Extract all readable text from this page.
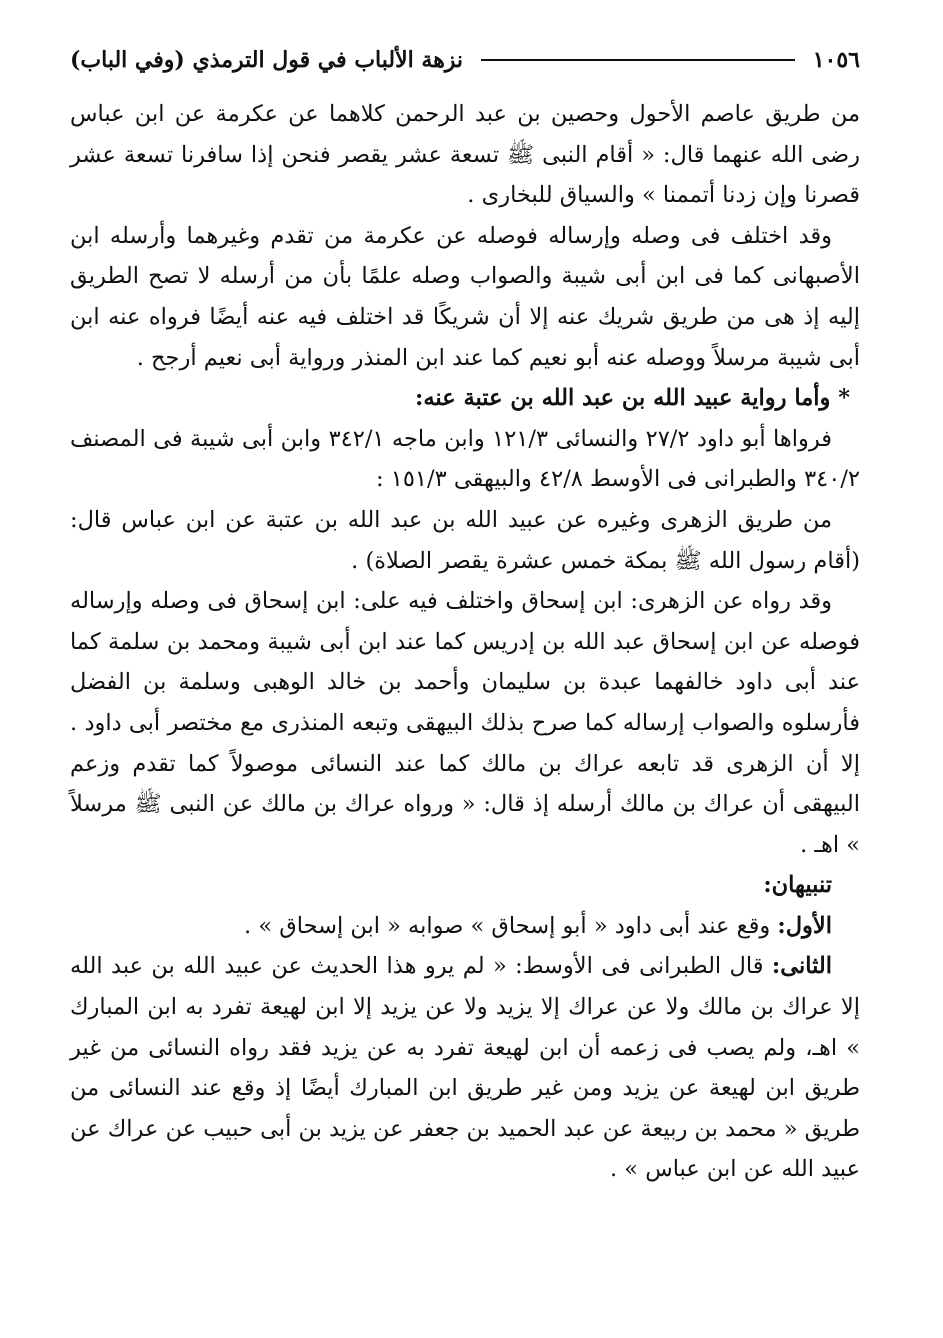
١٠٥٦
نزهة الألباب في قول الترمذي (وفي الباب)

من طريق عاصم الأحول وحصين بن عبد الرحمن كلاهما عن عكرمة عن ابن عباس رضى الله عنهما قال: « أقام النبى ﷺ تسعة عشر يقصر فنحن إذا سافرنا تسعة عشر قصرنا وإن زدنا أتممنا » والسياق للبخارى .

وقد اختلف فى وصله وإرساله فوصله عن عكرمة من تقدم وغيرهما وأرسله ابن الأصبهانى كما فى ابن أبى شيبة والصواب وصله علمًا بأن من أرسله لا تصح الطريق إليه إذ هى من طريق شريك عنه إلا أن شريكًا قد اختلف فيه عنه أيضًا فرواه عنه ابن أبى شيبة مرسلاً ووصله عنه أبو نعيم كما عند ابن المنذر ورواية أبى نعيم أرجح .

* وأما رواية عبيد الله بن عبد الله بن عتبة عنه:

فرواها أبو داود ٢٧/٢ والنسائى ١٢١/٣ وابن ماجه ٣٤٢/١ وابن أبى شيبة فى المصنف ٣٤٠/٢ والطبرانى فى الأوسط ٤٢/٨ والبيهقى ١٥١/٣ :

من طريق الزهرى وغيره عن عبيد الله بن عبد الله بن عتبة عن ابن عباس قال: (أقام رسول الله ﷺ بمكة خمس عشرة يقصر الصلاة) .

وقد رواه عن الزهرى: ابن إسحاق واختلف فيه على: ابن إسحاق فى وصله وإرساله فوصله عن ابن إسحاق عبد الله بن إدريس كما عند ابن أبى شيبة ومحمد بن سلمة كما عند أبى داود خالفهما عبدة بن سليمان وأحمد بن خالد الوهبى وسلمة بن الفضل فأرسلوه والصواب إرساله كما صرح بذلك البيهقى وتبعه المنذرى مع مختصر أبى داود . إلا أن الزهرى قد تابعه عراك بن مالك كما عند النسائى موصولاً كما تقدم وزعم البيهقى أن عراك بن مالك أرسله إذ قال: « ورواه عراك بن مالك عن النبى ﷺ مرسلاً » اهـ .

تنبيهان:

الأول: وقع عند أبى داود « أبو إسحاق » صوابه « ابن إسحاق » .

الثانى: قال الطبرانى فى الأوسط: « لم يرو هذا الحديث عن عبيد الله بن عبد الله إلا عراك بن مالك ولا عن عراك إلا يزيد ولا عن يزيد إلا ابن لهيعة تفرد به ابن المبارك » اهـ، ولم يصب فى زعمه أن ابن لهيعة تفرد به عن يزيد فقد رواه النسائى من غير طريق ابن لهيعة عن يزيد ومن غير طريق ابن المبارك أيضًا إذ وقع عند النسائى من طريق « محمد بن ربيعة عن عبد الحميد بن جعفر عن يزيد بن أبى حبيب عن عراك عن عبيد الله عن ابن عباس » .
